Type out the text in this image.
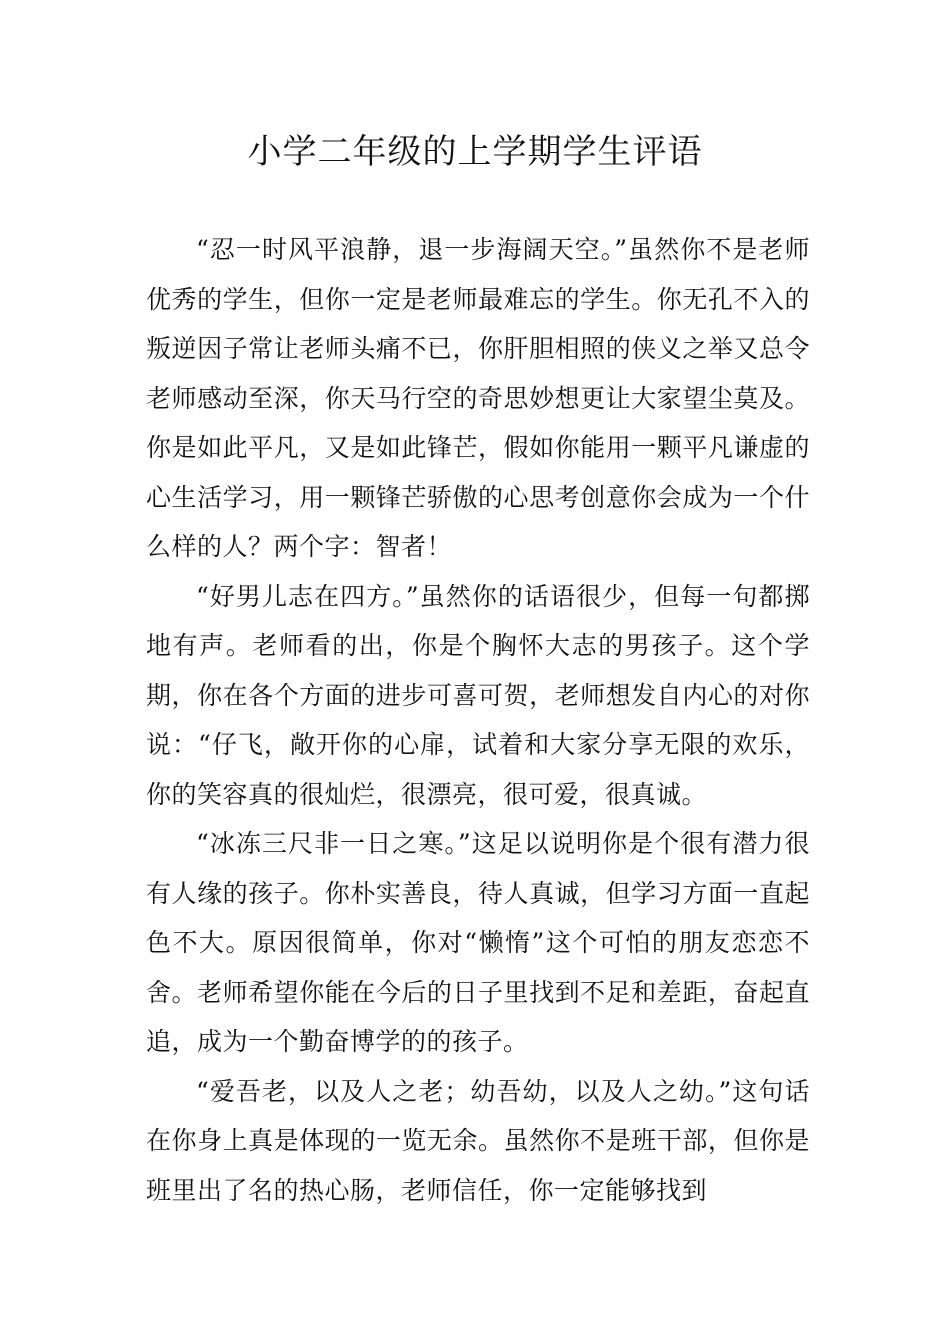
小学二年级的上学期学生评语

“忍一时风平浪静，退一步海阔天空。”虽然你不是老师优秀的学生，但你一定是老师最难忘的学生。你无孔不入的叛逆因子常让老师头痛不已，你肝胆相照的侠义之举又总令老师感动至深，你天马行空的奇思妙想更让大家望尘莫及。你是如此平凡，又是如此锋芒，假如你能用一颗平凡谦虚的心生活学习，用一颗锋芒骄傲的心思考创意你会成为一个什么样的人？两个字：智者！

“好男儿志在四方。”虽然你的话语很少，但每一句都掷地有声。老师看的出，你是个胸怀大志的男孩子。这个学期，你在各个方面的进步可喜可贺，老师想发自内心的对你说：“仔飞，敞开你的心扉，试着和大家分享无限的欢乐，你的笑容真的很灿烂，很漂亮，很可爱，很真诚。

“冰冻三尺非一日之寒。”这足以说明你是个很有潜力很有人缘的孩子。你朴实善良，待人真诚，但学习方面一直起色不大。原因很简单，你对“懒惰”这个可怕的朋友恋恋不舍。老师希望你能在今后的日子里找到不足和差距，奋起直追，成为一个勤奋博学的的孩子。

“爱吾老，以及人之老；幼吾幼，以及人之幼。”这句话在你身上真是体现的一览无余。虽然你不是班干部，但你是班里出了名的热心肠，老师信任，你一定能够找到
